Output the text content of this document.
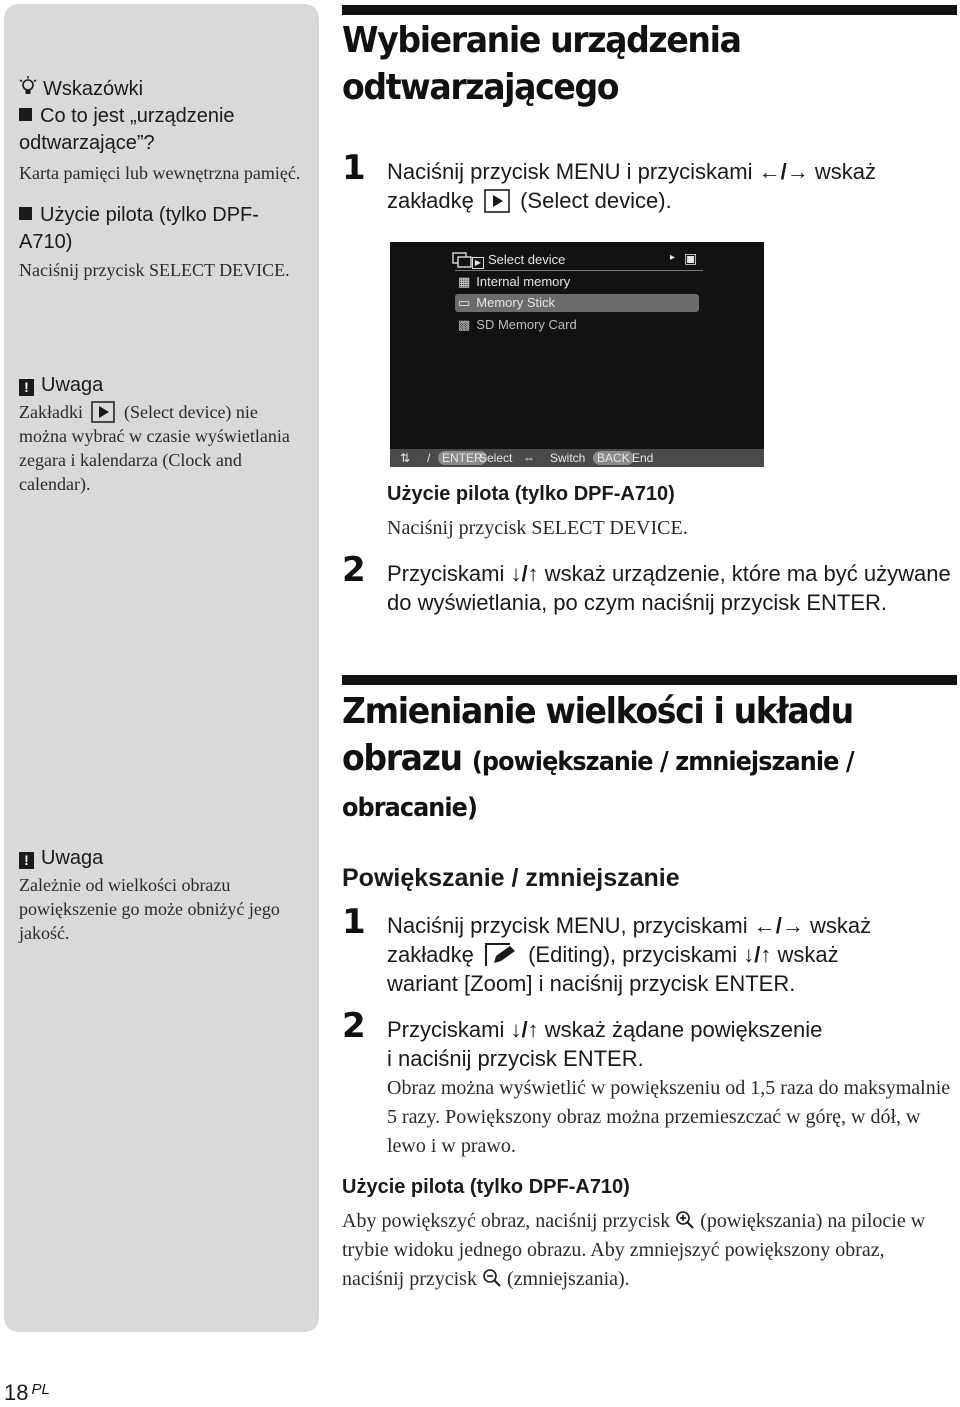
Wskazówki
Co to jest „urządzenie odtwarzające”?
Karta pamięci lub wewnętrzna pamięć.
Użycie pilota (tylko DPF-A710)
Naciśnij przycisk SELECT DEVICE.
! Uwaga
Zakładki (Select device) nie można wybrać w czasie wyświetlania zegara i kalendarza (Clock and calendar).
! Uwaga
Zależnie od wielkości obrazu powiększenie go może obniżyć jego jakość.
Wybieranie urządzenia
odtwarzającego
1 Naciśnij przycisk MENU i przyciskami ←/→ wskaż
zakładkę (Select device).
▶ Select device	▸ ▣
▦ Internal memory
▭ Memory Stick
▩ SD Memory Card
⇅ / ENTER
Select ⇔ Switch BACK End
Użycie pilota (tylko DPF-A710)
Naciśnij przycisk SELECT DEVICE.
2 Przyciskami ↓/↑ wskaż urządzenie, które ma być używane do wyświetlania, po czym naciśnij przycisk ENTER.
Zmienianie wielkości i układu
obrazu (powiększanie / zmniejszanie /
obracanie)
Powiększanie / zmniejszanie
1 Naciśnij przycisk MENU, przyciskami ←/→ wskaż
zakładkę (Editing), przyciskami ↓/↑ wskaż
wariant [Zoom] i naciśnij przycisk ENTER.
2 Przyciskami ↓/↑ wskaż żądane powiększenie
i naciśnij przycisk ENTER.
Obraz można wyświetlić w powiększeniu od 1,5 raza do maksymalnie 5 razy. Powiększony obraz można przemieszczać w górę, w dół, w lewo i w prawo.
Użycie pilota (tylko DPF-A710)
Aby powiększyć obraz, naciśnij przycisk (powiększania) na pilocie w trybie widoku jednego obrazu. Aby zmniejszyć powiększony obraz, naciśnij przycisk (zmniejszania).
18 $^{PL}$
